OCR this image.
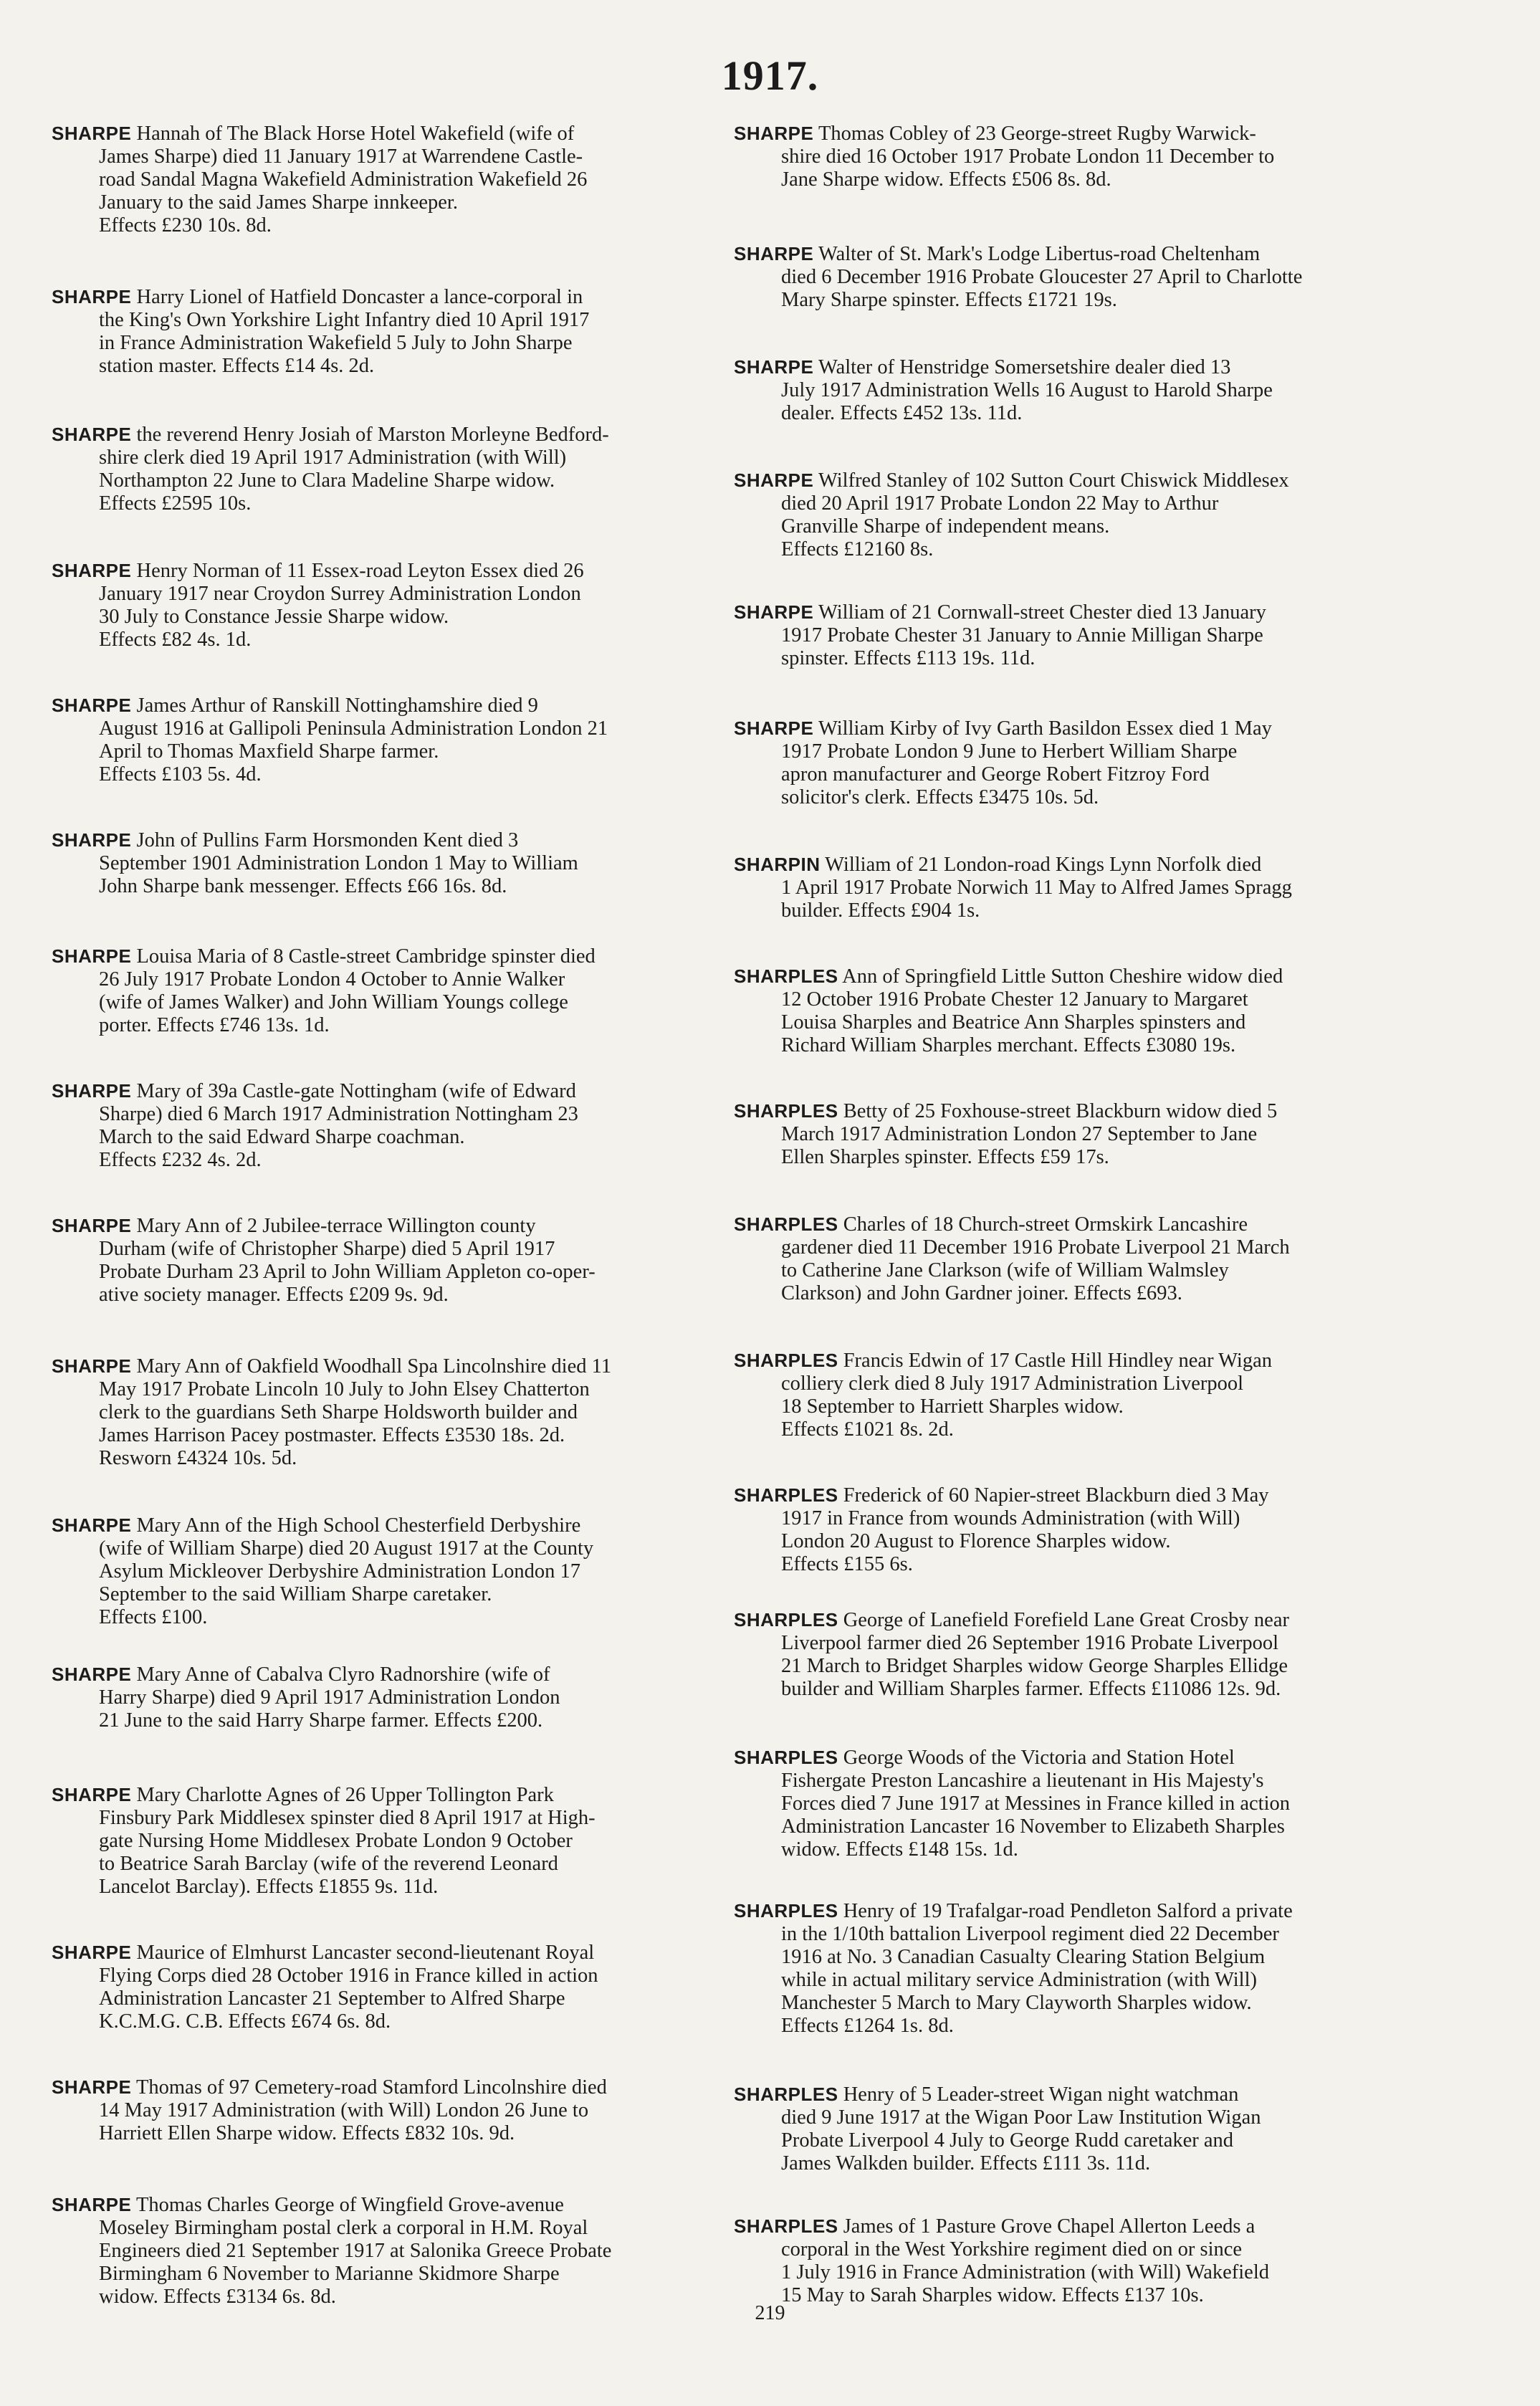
1917.
SHARPE Hannah of The Black Horse Hotel Wakefield (wife of
James Sharpe) died 11 January 1917 at Warrendene Castle-
road Sandal Magna Wakefield Administration Wakefield 26
January to the said James Sharpe innkeeper.
Effects £230 10s. 8d.
SHARPE Harry Lionel of Hatfield Doncaster a lance-corporal in
the King's Own Yorkshire Light Infantry died 10 April 1917
in France Administration Wakefield 5 July to John Sharpe
station master. Effects £14 4s. 2d.
SHARPE the reverend Henry Josiah of Marston Morleyne Bedford-
shire clerk died 19 April 1917 Administration (with Will)
Northampton 22 June to Clara Madeline Sharpe widow.
Effects £2595 10s.
SHARPE Henry Norman of 11 Essex-road Leyton Essex died 26
January 1917 near Croydon Surrey Administration London
30 July to Constance Jessie Sharpe widow.
Effects £82 4s. 1d.
SHARPE James Arthur of Ranskill Nottinghamshire died 9
August 1916 at Gallipoli Peninsula Administration London 21
April to Thomas Maxfield Sharpe farmer.
Effects £103 5s. 4d.
SHARPE John of Pullins Farm Horsmonden Kent died 3
September 1901 Administration London 1 May to William
John Sharpe bank messenger. Effects £66 16s. 8d.
SHARPE Louisa Maria of 8 Castle-street Cambridge spinster died
26 July 1917 Probate London 4 October to Annie Walker
(wife of James Walker) and John William Youngs college
porter. Effects £746 13s. 1d.
SHARPE Mary of 39a Castle-gate Nottingham (wife of Edward
Sharpe) died 6 March 1917 Administration Nottingham 23
March to the said Edward Sharpe coachman.
Effects £232 4s. 2d.
SHARPE Mary Ann of 2 Jubilee-terrace Willington county
Durham (wife of Christopher Sharpe) died 5 April 1917
Probate Durham 23 April to John William Appleton co-oper-
ative society manager. Effects £209 9s. 9d.
SHARPE Mary Ann of Oakfield Woodhall Spa Lincolnshire died 11
May 1917 Probate Lincoln 10 July to John Elsey Chatterton
clerk to the guardians Seth Sharpe Holdsworth builder and
James Harrison Pacey postmaster. Effects £3530 18s. 2d.
Resworn £4324 10s. 5d.
SHARPE Mary Ann of the High School Chesterfield Derbyshire
(wife of William Sharpe) died 20 August 1917 at the County
Asylum Mickleover Derbyshire Administration London 17
September to the said William Sharpe caretaker.
Effects £100.
SHARPE Mary Anne of Cabalva Clyro Radnorshire (wife of
Harry Sharpe) died 9 April 1917 Administration London
21 June to the said Harry Sharpe farmer. Effects £200.
SHARPE Mary Charlotte Agnes of 26 Upper Tollington Park
Finsbury Park Middlesex spinster died 8 April 1917 at High-
gate Nursing Home Middlesex Probate London 9 October
to Beatrice Sarah Barclay (wife of the reverend Leonard
Lancelot Barclay). Effects £1855 9s. 11d.
SHARPE Maurice of Elmhurst Lancaster second-lieutenant Royal
Flying Corps died 28 October 1916 in France killed in action
Administration Lancaster 21 September to Alfred Sharpe
K.C.M.G. C.B. Effects £674 6s. 8d.
SHARPE Thomas of 97 Cemetery-road Stamford Lincolnshire died
14 May 1917 Administration (with Will) London 26 June to
Harriett Ellen Sharpe widow. Effects £832 10s. 9d.
SHARPE Thomas Charles George of Wingfield Grove-avenue
Moseley Birmingham postal clerk a corporal in H.M. Royal
Engineers died 21 September 1917 at Salonika Greece Probate
Birmingham 6 November to Marianne Skidmore Sharpe
widow. Effects £3134 6s. 8d.
SHARPE Thomas Cobley of 23 George-street Rugby Warwick-
shire died 16 October 1917 Probate London 11 December to
Jane Sharpe widow. Effects £506 8s. 8d.
SHARPE Walter of St. Mark's Lodge Libertus-road Cheltenham
died 6 December 1916 Probate Gloucester 27 April to Charlotte
Mary Sharpe spinster. Effects £1721 19s.
SHARPE Walter of Henstridge Somersetshire dealer died 13
July 1917 Administration Wells 16 August to Harold Sharpe
dealer. Effects £452 13s. 11d.
SHARPE Wilfred Stanley of 102 Sutton Court Chiswick Middlesex
died 20 April 1917 Probate London 22 May to Arthur
Granville Sharpe of independent means.
Effects £12160 8s.
SHARPE William of 21 Cornwall-street Chester died 13 January
1917 Probate Chester 31 January to Annie Milligan Sharpe
spinster. Effects £113 19s. 11d.
SHARPE William Kirby of Ivy Garth Basildon Essex died 1 May
1917 Probate London 9 June to Herbert William Sharpe
apron manufacturer and George Robert Fitzroy Ford
solicitor's clerk. Effects £3475 10s. 5d.
SHARPIN William of 21 London-road Kings Lynn Norfolk died
1 April 1917 Probate Norwich 11 May to Alfred James Spragg
builder. Effects £904 1s.
SHARPLES Ann of Springfield Little Sutton Cheshire widow died
12 October 1916 Probate Chester 12 January to Margaret
Louisa Sharples and Beatrice Ann Sharples spinsters and
Richard William Sharples merchant. Effects £3080 19s.
SHARPLES Betty of 25 Foxhouse-street Blackburn widow died 5
March 1917 Administration London 27 September to Jane
Ellen Sharples spinster. Effects £59 17s.
SHARPLES Charles of 18 Church-street Ormskirk Lancashire
gardener died 11 December 1916 Probate Liverpool 21 March
to Catherine Jane Clarkson (wife of William Walmsley
Clarkson) and John Gardner joiner. Effects £693.
SHARPLES Francis Edwin of 17 Castle Hill Hindley near Wigan
colliery clerk died 8 July 1917 Administration Liverpool
18 September to Harriett Sharples widow.
Effects £1021 8s. 2d.
SHARPLES Frederick of 60 Napier-street Blackburn died 3 May
1917 in France from wounds Administration (with Will)
London 20 August to Florence Sharples widow.
Effects £155 6s.
SHARPLES George of Lanefield Forefield Lane Great Crosby near
Liverpool farmer died 26 September 1916 Probate Liverpool
21 March to Bridget Sharples widow George Sharples Ellidge
builder and William Sharples farmer. Effects £11086 12s. 9d.
SHARPLES George Woods of the Victoria and Station Hotel
Fishergate Preston Lancashire a lieutenant in His Majesty's
Forces died 7 June 1917 at Messines in France killed in action
Administration Lancaster 16 November to Elizabeth Sharples
widow. Effects £148 15s. 1d.
SHARPLES Henry of 19 Trafalgar-road Pendleton Salford a private
in the 1/10th battalion Liverpool regiment died 22 December
1916 at No. 3 Canadian Casualty Clearing Station Belgium
while in actual military service Administration (with Will)
Manchester 5 March to Mary Clayworth Sharples widow.
Effects £1264 1s. 8d.
SHARPLES Henry of 5 Leader-street Wigan night watchman
died 9 June 1917 at the Wigan Poor Law Institution Wigan
Probate Liverpool 4 July to George Rudd caretaker and
James Walkden builder. Effects £111 3s. 11d.
SHARPLES James of 1 Pasture Grove Chapel Allerton Leeds a
corporal in the West Yorkshire regiment died on or since
1 July 1916 in France Administration (with Will) Wakefield
15 May to Sarah Sharples widow. Effects £137 10s.
219
